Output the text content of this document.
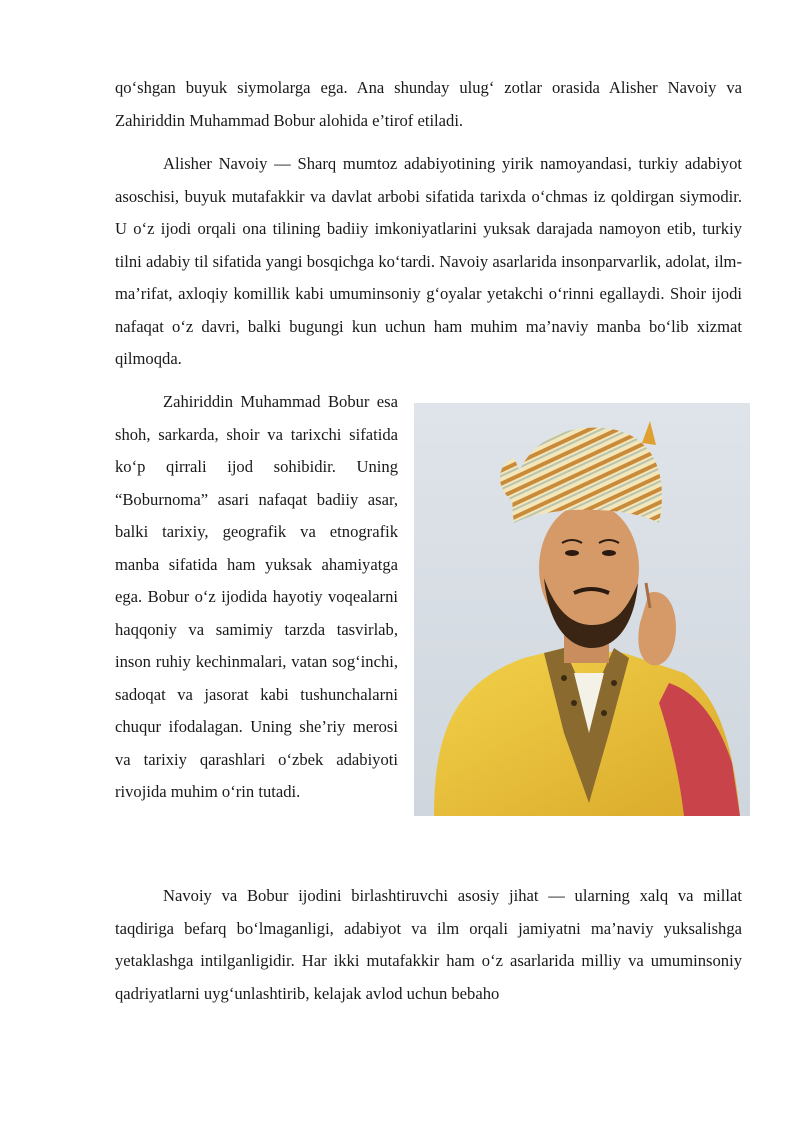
qo‘shgan buyuk siymolarga ega. Ana shunday ulug‘ zotlar orasida Alisher Navoiy va Zahiriddin Muhammad Bobur alohida e’tirof etiladi.

Alisher Navoiy — Sharq mumtoz adabiyotining yirik namoyandasi, turkiy adabiyot asoschisi, buyuk mutafakkir va davlat arbobi sifatida tarixda o‘chmas iz qoldirgan siymodir. U o‘z ijodi orqali ona tilining badiiy imkoniyatlarini yuksak darajada namoyon etib, turkiy tilni adabiy til sifatida yangi bosqichga ko‘tardi. Navoiy asarlarida insonparvarlik, adolat, ilm-ma’rifat, axloqiy komillik kabi umuminsoniy g‘oyalar yetakchi o‘rinni egallaydi. Shoir ijodi nafaqat o‘z davri, balki bugungi kun uchun ham muhim ma’naviy manba bo‘lib xizmat qilmoqda.

Zahiriddin Muhammad Bobur esa shoh, sarkarda, shoir va tarixchi sifatida ko‘p qirrali ijod sohibidir. Uning “Boburnoma” asari nafaqat badiiy asar, balki tarixiy, geografik va etnografik manba sifatida ham yuksak ahamiyatga ega. Bobur o‘z ijodida hayotiy voqealarni haqqoniy va samimiy tarzda tasvirlab, inson ruhiy kechinmalari, vatan sog‘inchi, sadoqat va jasorat kabi tushunchalarni chuqur ifodalagan. Uning she’riy merosi va tarixiy qarashlari o‘zbek adabiyoti rivojida muhim o‘rin tutadi.

Navoiy va Bobur ijodini birlashtiruvchi asosiy jihat — ularning xalq va millat taqdiriga befarq bo‘lmaganligi, adabiyot va ilm orqali jamiyatni ma’naviy yuksalishga yetaklashga intilganligidir. Har ikki mutafakkir ham o‘z asarlarida milliy va umuminsoniy qadriyatlarni uyg‘unlashtirib, kelajak avlod uchun bebaho
